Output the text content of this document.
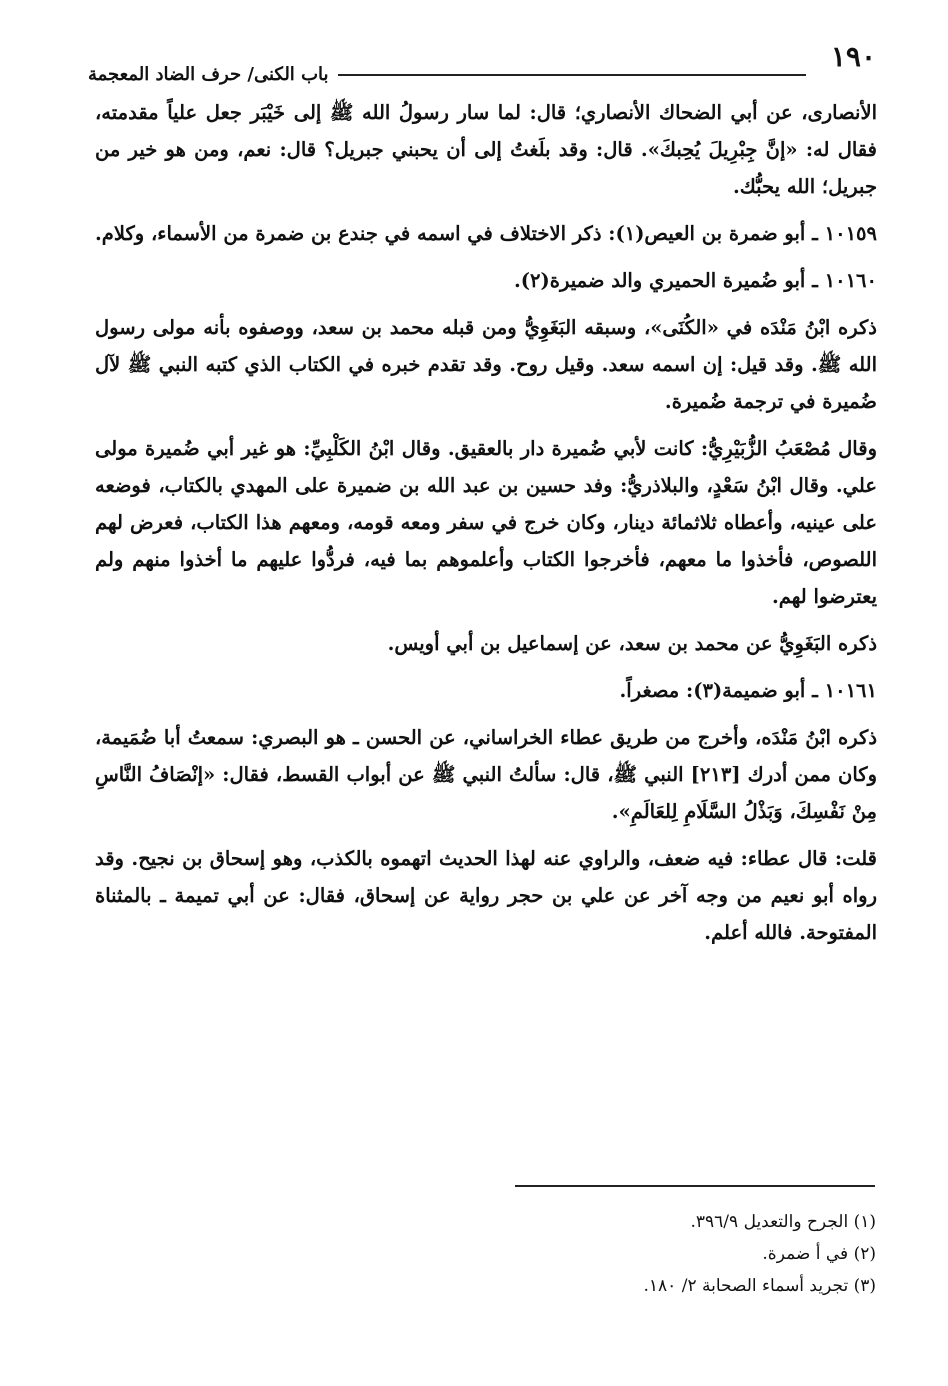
١٩٠
باب الكنى/ حرف الضاد المعجمة

الأنصارى، عن أبي الضحاك الأنصاري؛ قال: لما سار رسولُ الله ﷺ إلى خَيْبَر جعل علياً مقدمته، فقال له: «إنَّ جِبْرِيلَ يُحِبكَ». قال: وقد بلَغتُ إلى أن يحبني جبريل؟ قال: نعم، ومن هو خير من جبريل؛ الله يحبُّك.

١٠١٥٩ ـ أبو ضمرة بن العيص(١): ذكر الاختلاف في اسمه في جندع بن ضمرة من الأسماء، وكلام.

١٠١٦٠ ـ أبو ضُميرة الحميري والد ضميرة(٢).

ذكره ابْنُ مَنْدَه في «الكُنَى»، وسبقه البَغَوِيُّ ومن قبله محمد بن سعد، ووصفوه بأنه مولى رسول الله ﷺ. وقد قيل: إن اسمه سعد. وقيل روح. وقد تقدم خبره في الكتاب الذي كتبه النبي ﷺ لآل ضُميرة في ترجمة ضُميرة.

وقال مُصْعَبُ الزُّبَيْرِيُّ: كانت لأبي ضُميرة دار بالعقيق. وقال ابْنُ الكَلْبِيِّ: هو غير أبي ضُميرة مولى علي. وقال ابْنُ سَعْدٍ، والبلاذريُّ: وفد حسين بن عبد الله بن ضميرة على المهدي بالكتاب، فوضعه على عينيه، وأعطاه ثلاثمائة دينار، وكان خرج في سفر ومعه قومه، ومعهم هذا الكتاب، فعرض لهم اللصوص، فأخذوا ما معهم، فأخرجوا الكتاب وأعلموهم بما فيه، فردُّوا عليهم ما أخذوا منهم ولم يعترضوا لهم.

ذكره البَغَوِيُّ عن محمد بن سعد، عن إسماعيل بن أبي أويس.

١٠١٦١ ـ أبو ضميمة(٣): مصغراً.

ذكره ابْنُ مَنْدَه، وأخرج من طريق عطاء الخراساني، عن الحسن ـ هو البصري: سمعتُ أبا ضُمَيمة، وكان ممن أدرك [٢١٣] النبي ﷺ، قال: سألتُ النبي ﷺ عن أبواب القسط، فقال: «إنْصَافُ النَّاسِ مِنْ نَفْسِكَ، وَبَذْلُ السَّلَامِ لِلعَالَمِ».

قلت: قال عطاء: فيه ضعف، والراوي عنه لهذا الحديث اتهموه بالكذب، وهو إسحاق بن نجيح. وقد رواه أبو نعيم من وجه آخر عن علي بن حجر رواية عن إسحاق، فقال: عن أبي تميمة ـ بالمثناة المفتوحة. فالله أعلم.

(١) الجرح والتعديل ٣٩٦/٩.

(٢) في أ ضمرة.

(٣) تجريد أسماء الصحابة ٢/ ١٨٠.
